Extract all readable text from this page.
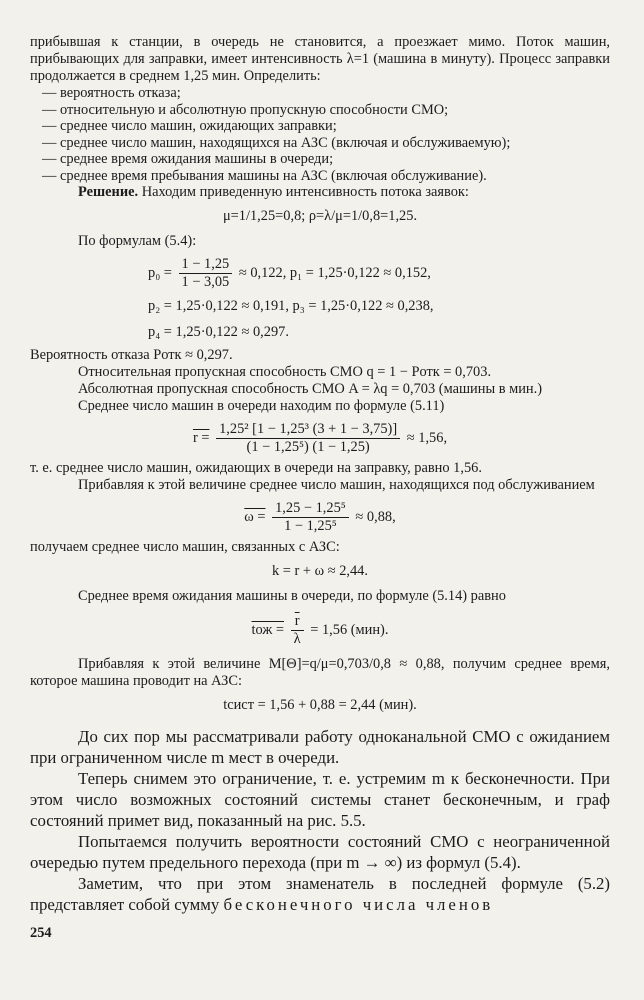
прибывшая к станции, в очередь не становится, а проезжает мимо. Поток машин, прибывающих для заправки, имеет интенсивность λ=1 (машина в минуту). Процесс заправки продолжается в среднем 1,25 мин. Определить:

— вероятность отказа;

— относительную и абсолютную пропускную способности СМО;

— среднее число машин, ожидающих заправки;

— среднее число машин, находящихся на АЗС (включая и обслуживаемую);

— среднее время ожидания машины в очереди;

— среднее время пребывания машины на АЗС (включая обслуживание).

Решение. Находим приведенную интенсивность потока заявок:

μ=1/1,25=0,8; ρ=λ/μ=1/0,8=1,25.

По формулам (5.4):

$p_0 = \frac{1 - 1,25}{1 - 3,05} \approx 0,122$, p₁ = 1,25·0,122 ≈ 0,152,
p₂ = 1,25·0,122 ≈ 0,191, p₃ = 1,25·0,122 ≈ 0,238,
p₄ = 1,25·0,122 ≈ 0,297.

Вероятность отказа Pотк ≈ 0,297.

Относительная пропускная способность СМО q = 1 − Pотк = 0,703.

Абсолютная пропускная способность СМО A = λq = 0,703 (машины в мин.)

Среднее число машин в очереди находим по формуле (5.11)

$r = \frac{\text{1,25² [1 − 1,25³ (3 + 1 − 3,75)]}}{\text{(1 − 1,25⁵) (1 − 1,25)}} \approx 1,56$,

т. е. среднее число машин, ожидающих в очереди на заправку, равно 1,56.

Прибавляя к этой величине среднее число машин, находящихся под обслуживанием

$\omega = \frac{\text{1,25 − 1,25⁵}}{\text{1 − 1,25⁵}} \approx 0,88$,

получаем среднее число машин, связанных с АЗС:

k = r + ω ≈ 2,44.

Среднее время ожидания машины в очереди, по формуле (5.14) равно

tож = $\frac{\overline{r}}{\lambda} = 1,56$ (мин).

Прибавляя к этой величине M[Θ]=q/μ=0,703/0,8 ≈ 0,88, получим среднее время, которое машина проводит на АЗС:

tсист = 1,56 + 0,88 = 2,44 (мин).

До сих пор мы рассматривали работу одноканальной СМО с ожиданием при ограниченном числе m мест в очереди.

Теперь снимем это ограничение, т. е. устремим m к бесконечности. При этом число возможных состояний системы станет бесконечным, и граф состояний примет вид, показанный на рис. 5.5.

Попытаемся получить вероятности состояний СМО с неограниченной очередью путем предельного перехода (при m → ∞) из формул (5.4).

Заметим, что при этом знаменатель в последней формуле (5.2) представляет собой сумму бесконечного числа членов

254
